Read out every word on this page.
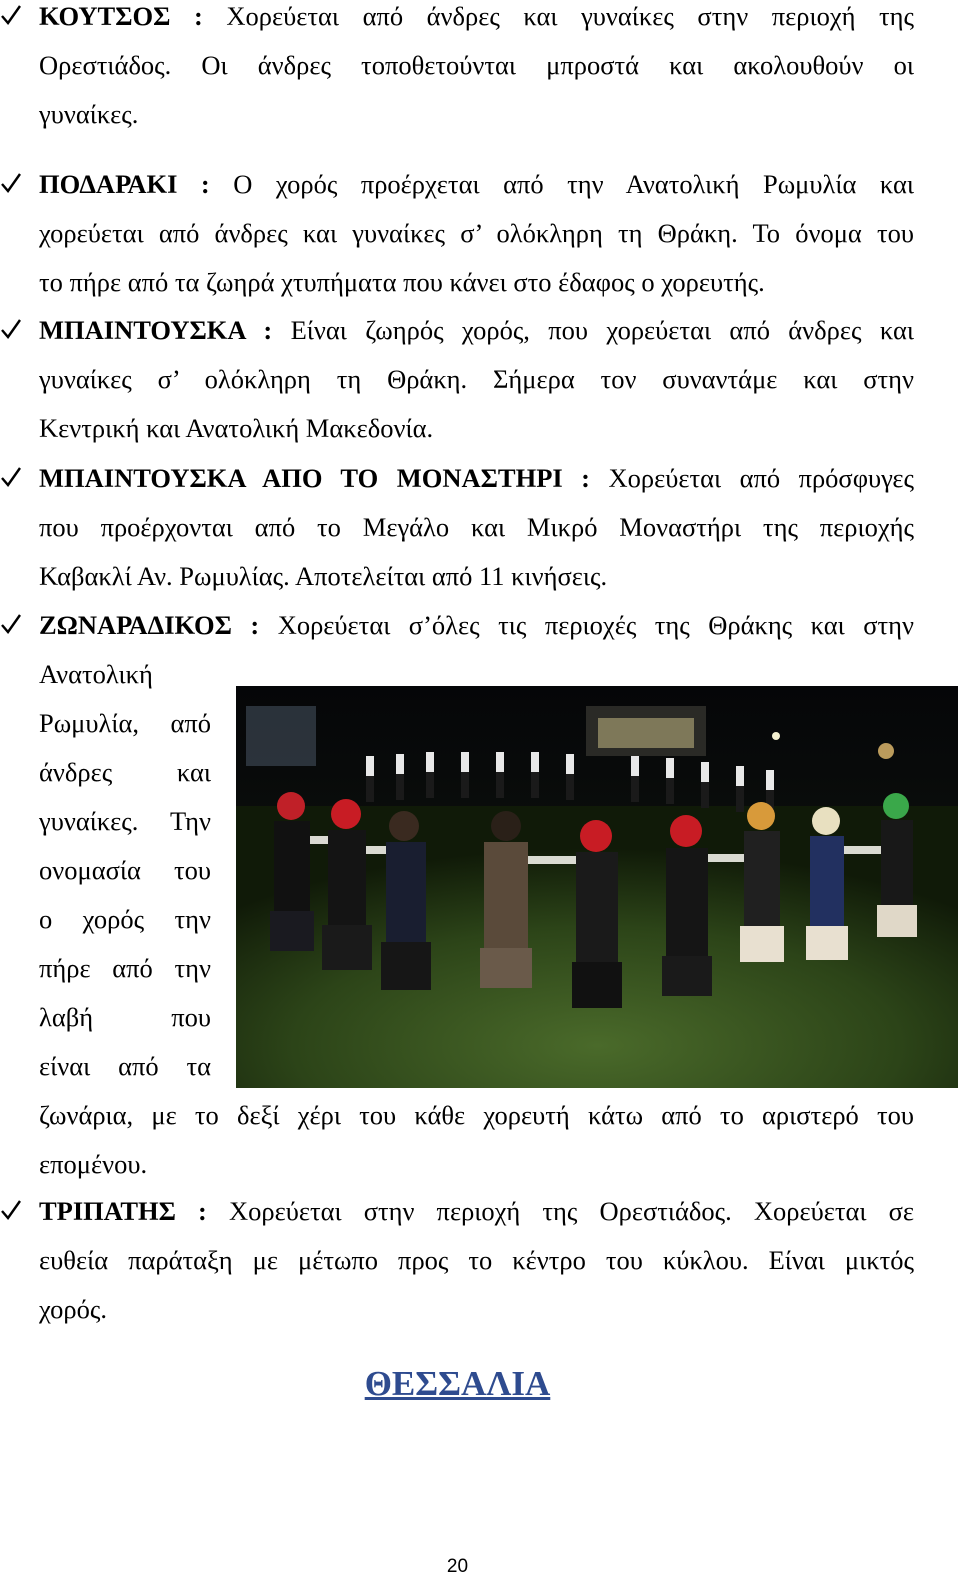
ΚΟΥΤΣΟΣ : Χορεύεται από άνδρες και γυναίκες στην περιοχή της
Ορεστιάδος. Οι άνδρες τοποθετούνται μπροστά και ακολουθούν οι
γυναίκες.
ΠΟΔΑΡΑΚΙ : Ο χορός προέρχεται από την Ανατολική Ρωμυλία και
χορεύεται από άνδρες και γυναίκες σ’ ολόκληρη τη Θράκη. Το όνομα του
το πήρε από τα ζωηρά χτυπήματα που κάνει στο έδαφος ο χορευτής.
ΜΠΑΙΝΤΟΥΣΚΑ : Είναι ζωηρός χορός, που χορεύεται από άνδρες και
γυναίκες σ’ ολόκληρη τη Θράκη. Σήμερα τον συναντάμε και στην
Κεντρική και Ανατολική Μακεδονία.
ΜΠΑΙΝΤΟΥΣΚΑ ΑΠΟ ΤΟ ΜΟΝΑΣΤΗΡΙ : Χορεύεται από πρόσφυγες
που προέρχονται από το Μεγάλο και Μικρό Μοναστήρι της περιοχής
Καβακλί Αν. Ρωμυλίας. Αποτελείται από 11 κινήσεις.
ΖΩΝΑΡΑΔΙΚΟΣ : Χορεύεται σ’όλες τις περιοχές της Θράκης και στην
Ανατολική
Ρωμυλία, από
άνδρες και
γυναίκες. Την
ονομασία του
ο χορός την
πήρε από την
λαβή που
είναι από τα
ζωνάρια, με το δεξί χέρι του κάθε χορευτή κάτω από το αριστερό του
επομένου.
ΤΡΙΠΑΤΗΣ : Χορεύεται στην περιοχή της Ορεστιάδος. Χορεύεται σε
ευθεία παράταξη με μέτωπο προς το κέντρο του κύκλου. Είναι μικτός
χορός.
ΘΕΣΣΑΛΙΑ
20
